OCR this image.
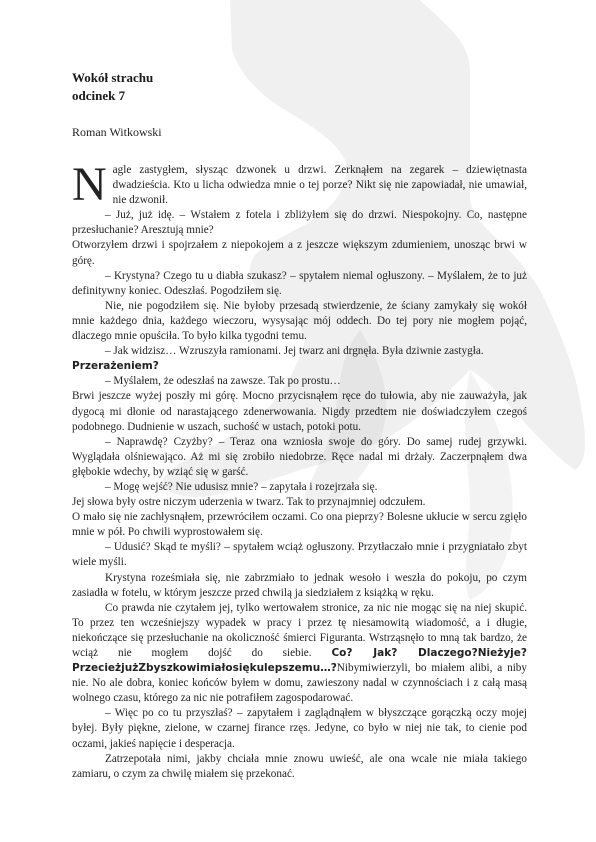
Wokół strachu
odcinek 7

Roman Witkowski

Nagle zastygłem, słysząc dzwonek u drzwi. Zerknąłem na zegarek – dziewiętnasta dwadzieścia. Kto u licha odwiedza mnie o tej porze? Nikt się nie zapowiadał, nie umawiał, nie dzwonił.

– Już, już idę. – Wstałem z fotela i zbliżyłem się do drzwi. Niespokojny. Co, następne przesłuchanie? Aresztują mnie?

Otworzyłem drzwi i spojrzałem z niepokojem a z jeszcze większym zdumieniem, unosząc brwi w górę.

– Krystyna? Czego tu u diabła szukasz? – spytałem niemal ogłuszony. – Myślałem, że to już definitywny koniec. Odeszłaś. Pogodziłem się.

Nie, nie pogodziłem się. Nie byłoby przesadą stwierdzenie, że ściany zamykały się wokół mnie każdego dnia, każdego wieczoru, wysysając mój oddech. Do tej pory nie mogłem pojąć, dlaczego mnie opuściła. To było kilka tygodni temu.

– Jak widzisz… Wzruszyła ramionami. Jej twarz ani drgnęła. Była dziwnie zastygła.

Przerażeniem?

– Myślałem, że odeszłaś na zawsze. Tak po prostu…

Brwi jeszcze wyżej poszły mi górę. Mocno przycisnąłem ręce do tułowia, aby nie zauważyła, jak dygocą mi dłonie od narastającego zdenerwowania. Nigdy przedtem nie doświadczyłem czegoś podobnego. Dudnienie w uszach, suchość w ustach, potoki potu.

– Naprawdę? Czyżby? – Teraz ona wzniosła swoje do góry. Do samej rudej grzywki. Wyglądała olśniewająco. Aż mi się zrobiło niedobrze. Ręce nadal mi drżały. Zaczerpnąłem dwa głębokie wdechy, by wziąć się w garść.

– Mogę wejść? Nie udusisz mnie? – zapytała i rozejrzała się.

Jej słowa były ostre niczym uderzenia w twarz. Tak to przynajmniej odczułem.

O mało się nie zachłysnąłem, przewróciłem oczami. Co ona pieprzy? Bolesne ukłucie w sercu zgięło mnie w pół. Po chwili wyprostowałem się.

– Udusić? Skąd te myśli? – spytałem wciąż ogłuszony. Przytłaczało mnie i przygniatało zbyt wiele myśli.

Krystyna roześmiała się, nie zabrzmiało to jednak wesoło i weszła do pokoju, po czym zasiadła w fotelu, w którym jeszcze przed chwilą ja siedziałem z książką w ręku.

Co prawda nie czytałem jej, tylko wertowałem stronice, za nic nie mogąc się na niej skupić. To przez ten wcześniejszy wypadek w pracy i przez tę niesamowitą wiadomość, a i długie, niekończące się przesłuchanie na okoliczność śmierci Figuranta. Wstrząsnęło to mną tak bardzo, że wciąż nie mogłem dojść do siebie. Co? Jak? Dlaczego?Nieżyje?PrzecieżjużZbyszkowimiałosiękulepszemu…?Nibymiwierzyli, bo miałem alibi, a niby nie. No ale dobra, koniec końców byłem w domu, zawieszony nadal w czynnościach i z całą masą wolnego czasu, którego za nic nie potrafiłem zagospodarować.

– Więc po co tu przyszłaś? – zapytałem i zaglądnąłem w błyszczące gorączką oczy mojej byłej. Były piękne, zielone, w czarnej firance rzęs. Jedyne, co było w niej nie tak, to cienie pod oczami, jakieś napięcie i desperacja.

Zatrzepotała nimi, jakby chciała mnie znowu uwieść, ale ona wcale nie miała takiego zamiaru, o czym za chwilę miałem się przekonać.
